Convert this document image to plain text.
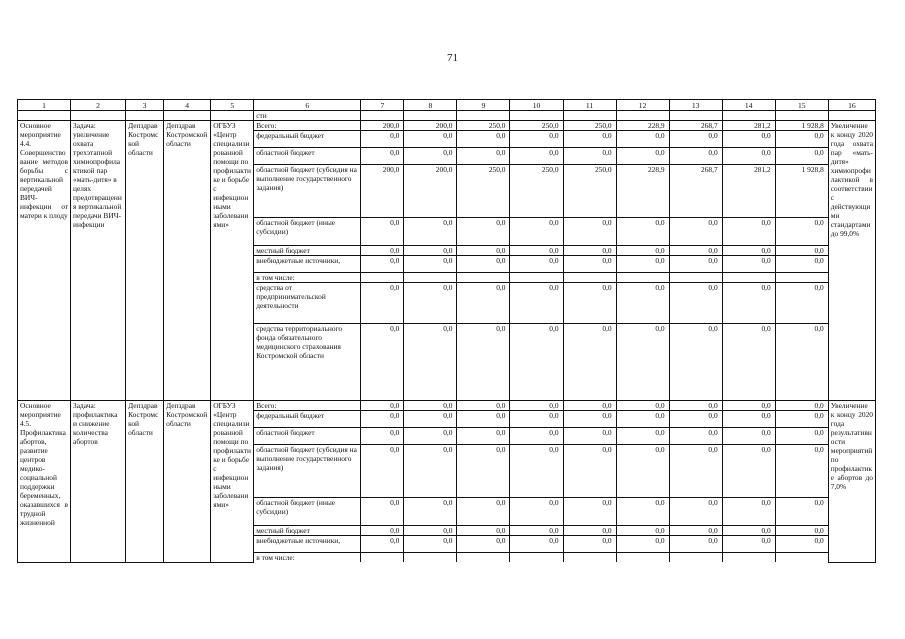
71
1	2	3	4	5	6	7	8	9	10	11	12	13	14	15	16
					сти										
Основное мероприятие 4.4. Совершенствование методов борьбы с вертикальной передачей ВИЧ-инфекции от матери к плоду	Задача: увеличение охвата трехэтапной химиопрофилактикой пар «мать-дитя» в целях предотвращения вертикальной передачи ВИЧ-инфекции	Депздрав Костромской области	Депздрав Костромской области	ОГБУЗ «Центр специализированной помощи по профилактике и борьбе с инфекционными заболеваниями»	Всего:	200,0	200,0	250,0	250,0	250,0	228,9	268,7	281,2	1 928,8	Увеличение к концу 2020 года охвата пар «мать-дитя» химиопрофилактикой в соответствии с действующими стандартами до 99,0%
					федеральный бюджет	0,0	0,0	0,0	0,0	0,0	0,0	0,0	0,0	0,0	
					областной бюджет	0,0	0,0	0,0	0,0	0,0	0,0	0,0	0,0	0,0	
					областной бюджет (субсидия на выполнение государственного задания)	200,0	200,0	250,0	250,0	250,0	228,9	268,7	281,2	1 928,8	
					областной бюджет (иные субсидии)	0,0	0,0	0,0	0,0	0,0	0,0	0,0	0,0	0,0	
					местный бюджет	0,0	0,0	0,0	0,0	0,0	0,0	0,0	0,0	0,0	
					внебюджетные источники,	0,0	0,0	0,0	0,0	0,0	0,0	0,0	0,0	0,0	
					в том числе:										
					средства от предпринимательской деятельности	0,0	0,0	0,0	0,0	0,0	0,0	0,0	0,0	0,0	
					средства территориального фонда обязательного медицинского страхования Костромской области	0,0	0,0	0,0	0,0	0,0	0,0	0,0	0,0	0,0	
Основное мероприятие 4.5. Профилактика абортов, развитие центров медико-социальной поддержки беременных, оказавшихся в трудной жизненной	Задача: профилактика и снижение количества абортов	Депздрав Костромской области	Депздрав Костромской области	ОГБУЗ «Центр специализированной помощи по профилактике и борьбе с инфекционными заболеваниями»	Всего:	0,0	0,0	0,0	0,0	0,0	0,0	0,0	0,0	0,0	Увеличение к концу 2020 года результативности мероприятий по профилактике абортов до 7,0%
					федеральный бюджет	0,0	0,0	0,0	0,0	0,0	0,0	0,0	0,0	0,0	
					областной бюджет	0,0	0,0	0,0	0,0	0,0	0,0	0,0	0,0	0,0	
					областной бюджет (субсидия на выполнение государственного задания)	0,0	0,0	0,0	0,0	0,0	0,0	0,0	0,0	0,0	
					областной бюджет (иные субсидии)	0,0	0,0	0,0	0,0	0,0	0,0	0,0	0,0	0,0	
					местный бюджет	0,0	0,0	0,0	0,0	0,0	0,0	0,0	0,0	0,0	
					внебюджетные источники,	0,0	0,0	0,0	0,0	0,0	0,0	0,0	0,0	0,0	
					в том числе:										
